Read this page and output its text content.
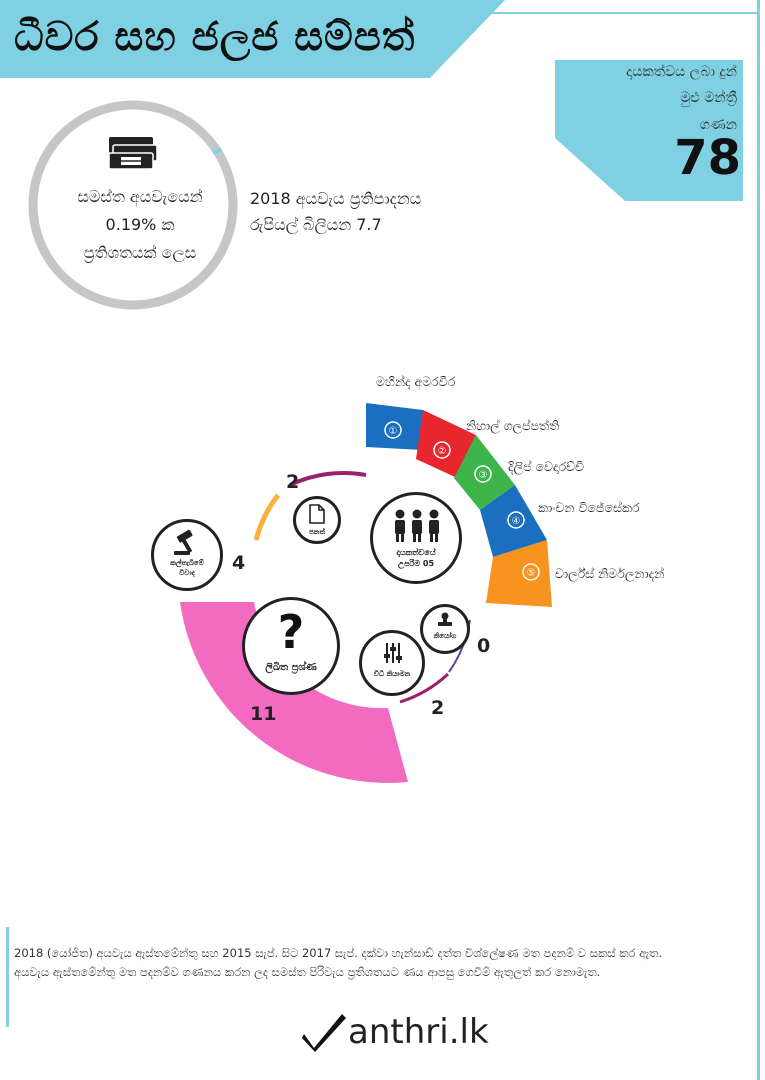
ධීවර සහ ජලජ සම්පත්
දායකත්වය ලබා දුන්
මුළු මන්ත්‍රී
ගණන
78
සමස්ත අයවැයෙන්
0.19% ක
ප්‍රතිශතයක් ලෙස
2018 අයවැය ප්‍රතිපාදනය
රුපියල් බිලියන 7.7
①
②
③
④
⑤
මහින්ද අමරවීර
නිහාල් ගලප්පත්ති
දිලිප් වෙදාරච්චි
කාංචන විජේසේකර
චාර්ල්ස් නිර්මලනාදන්
දායකත්වයේ
උපරිම 05
පනත්
2
කල්තැබීමේ
විවාද	4
?
ලිඛිත ප්‍රශ්ණ
11
විධි නියාමන
2
නියෝග	0
2018 (යෝජිත) අයවැය ඇස්තමේන්තු සහ 2015 සැප්. සිට 2017 සැප්. දක්වා හැන්සාඩ් දත්ත විශ්ලේෂණ මත පදනම් ව සකස් කර ඇත.
අයවැය ඇස්තමේන්තු මත පදනම්ව ගණනය කරන ලද සමස්ත පිරිවැය ප්‍රතිශතයට ණය ආපසු ගෙවීම් ඇතුලත් කර නොමැත.
anthri.lk
